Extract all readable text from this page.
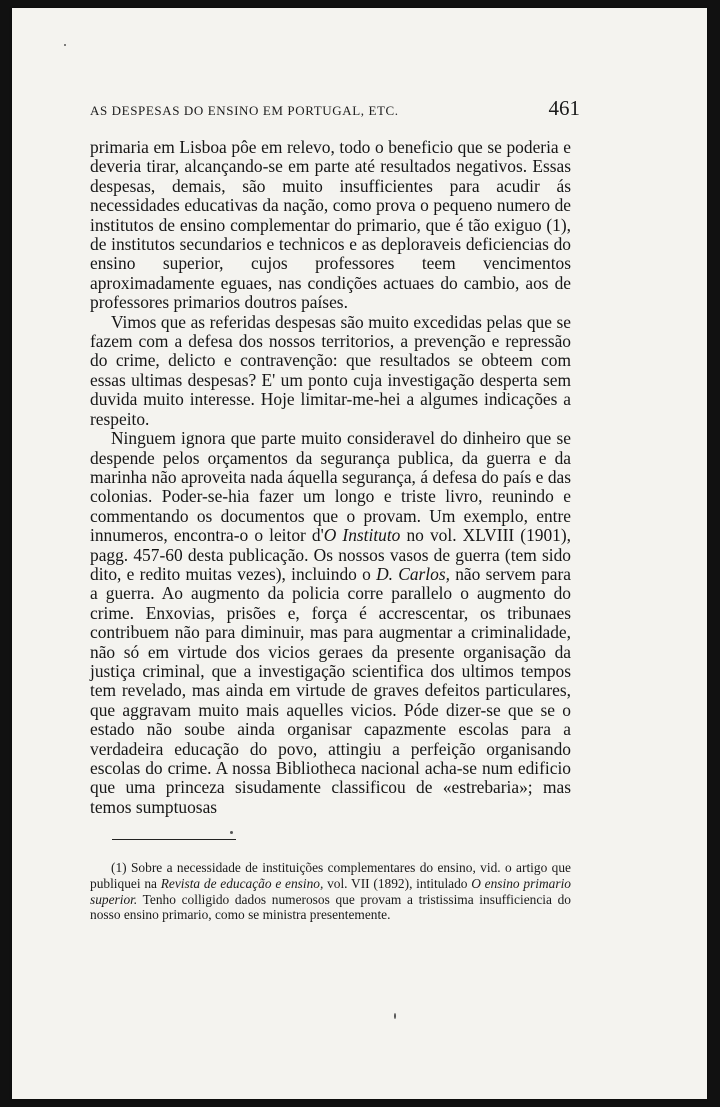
AS DESPESAS DO ENSINO EM PORTUGAL, ETC.	461

primaria em Lisboa pôe em relevo, todo o beneficio que se poderia e deveria tirar, alcançando-se em parte até resultados negativos. Essas despesas, demais, são muito insufficientes para acudir ás necessidades educativas da nação, como prova o pequeno numero de institutos de ensino complementar do primario, que é tão exiguo (1), de institutos secundarios e technicos e as deploraveis deficiencias do ensino superior, cujos professores teem vencimentos aproximadamente eguaes, nas condições actuaes do cambio, aos de professores primarios doutros países.

Vimos que as referidas despesas são muito excedidas pelas que se fazem com a defesa dos nossos territorios, a prevenção e repressão do crime, delicto e contravenção: que resultados se obteem com essas ultimas despesas? E' um ponto cuja investigação desperta sem duvida muito interesse. Hoje limitar-me-hei a algumes indicações a respeito.

Ninguem ignora que parte muito consideravel do dinheiro que se despende pelos orçamentos da segurança publica, da guerra e da marinha não aproveita nada áquella segurança, á defesa do país e das colonias. Poder-se-hia fazer um longo e triste livro, reunindo e commentando os documentos que o provam. Um exemplo, entre innumeros, encontra-o o leitor d'O Instituto no vol. XLVIII (1901), pagg. 457-60 desta publicação. Os nossos vasos de guerra (tem sido dito, e redito muitas vezes), incluindo o D. Carlos, não servem para a guerra. Ao augmento da policia corre parallelo o augmento do crime. Enxovias, prisões e, força é accrescentar, os tribunaes contribuem não para diminuir, mas para augmentar a criminalidade, não só em virtude dos vicios geraes da presente organisação da justiça criminal, que a investigação scientifica dos ultimos tempos tem revelado, mas ainda em virtude de graves defeitos particulares, que aggravam muito mais aquelles vicios. Póde dizer-se que se o estado não soube ainda organisar capazmente escolas para a verdadeira educação do povo, attingiu a perfeição organisando escolas do crime. A nossa Bibliotheca nacional acha-se num edificio que uma princeza sisudamente classificou de «estrebaria»; mas temos sumptuosas

(1) Sobre a necessidade de instituições complementares do ensino, vid. o artigo que publiquei na Revista de educação e ensino, vol. VII (1892), intitulado O ensino primario superior. Tenho colligido dados numerosos que provam a tristissima insufficiencia do nosso ensino primario, como se ministra presentemente.
